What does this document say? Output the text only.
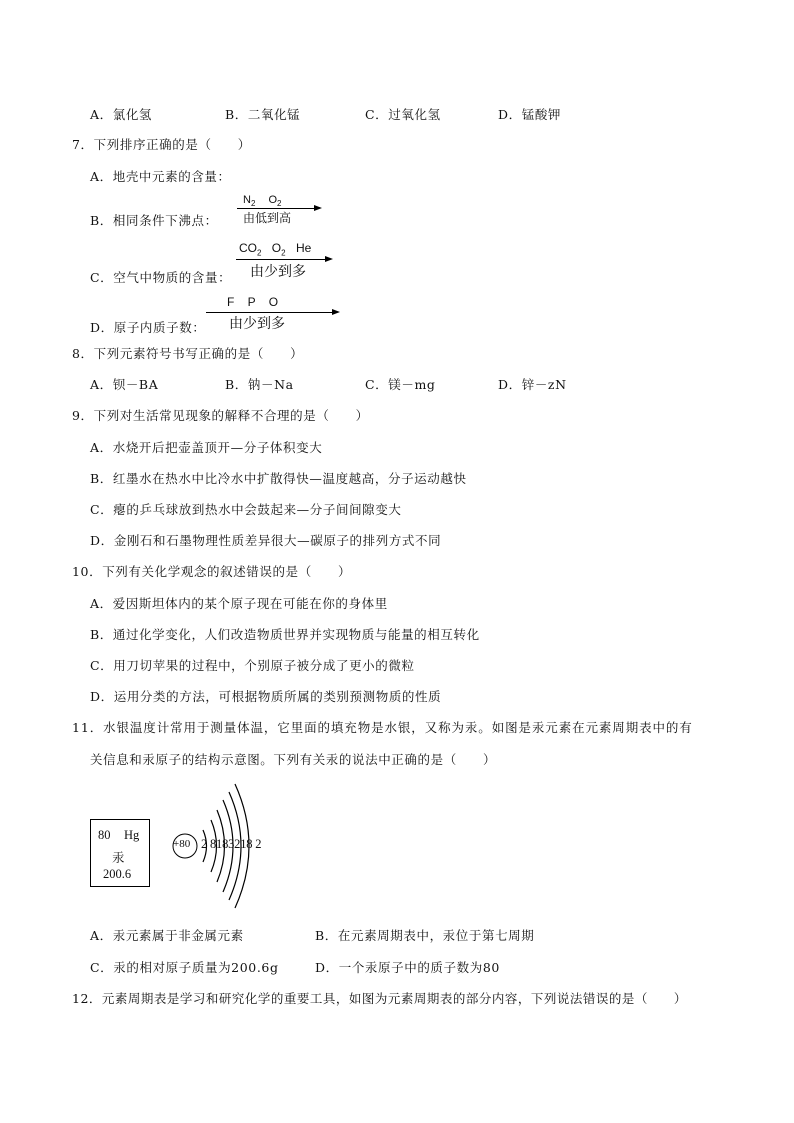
A．氯化氢	B．二氧化锰	C．过氧化氢	D．锰酸钾
7．下列排序正确的是（　　）
A．地壳中元素的含量：
B．相同条件下沸点：
$N_2$ $O_2$
由低到高
C．空气中物质的含量：
$CO_2$ $O_2$ He
由少到多
D．原子内质子数：
F    P    O
由少到多
8．下列元素符号书写正确的是（　　）
A．钡－BA	B．钠－Na	C．镁－mg	D．锌－zN
9．下列对生活常见现象的解释不合理的是（　　）
A．水烧开后把壶盖顶开—分子体积变大
B．红墨水在热水中比冷水中扩散得快—温度越高，分子运动越快
C．瘪的乒乓球放到热水中会鼓起来—分子间间隙变大
D．金刚石和石墨物理性质差异很大—碳原子的排列方式不同
10．下列有关化学观念的叙述错误的是（　　）
A．爱因斯坦体内的某个原子现在可能在你的身体里
B．通过化学变化，人们改造物质世界并实现物质与能量的相互转化
C．用刀切苹果的过程中，个别原子被分成了更小的微粒
D．运用分类的方法，可根据物质所属的类别预测物质的性质
11．水银温度计常用于测量体温，它里面的填充物是水银，又称为汞。如图是汞元素在元素周期表中的有
关信息和汞原子的结构示意图。下列有关汞的说法中正确的是（　　）
80 Hg
汞
200.6
+80 2 8183218 2
A．汞元素属于非金属元素	B．在元素周期表中，汞位于第七周期
C．汞的相对原子质量为200.6g	D．一个汞原子中的质子数为80
12．元素周期表是学习和研究化学的重要工具，如图为元素周期表的部分内容，下列说法错误的是（　　）
